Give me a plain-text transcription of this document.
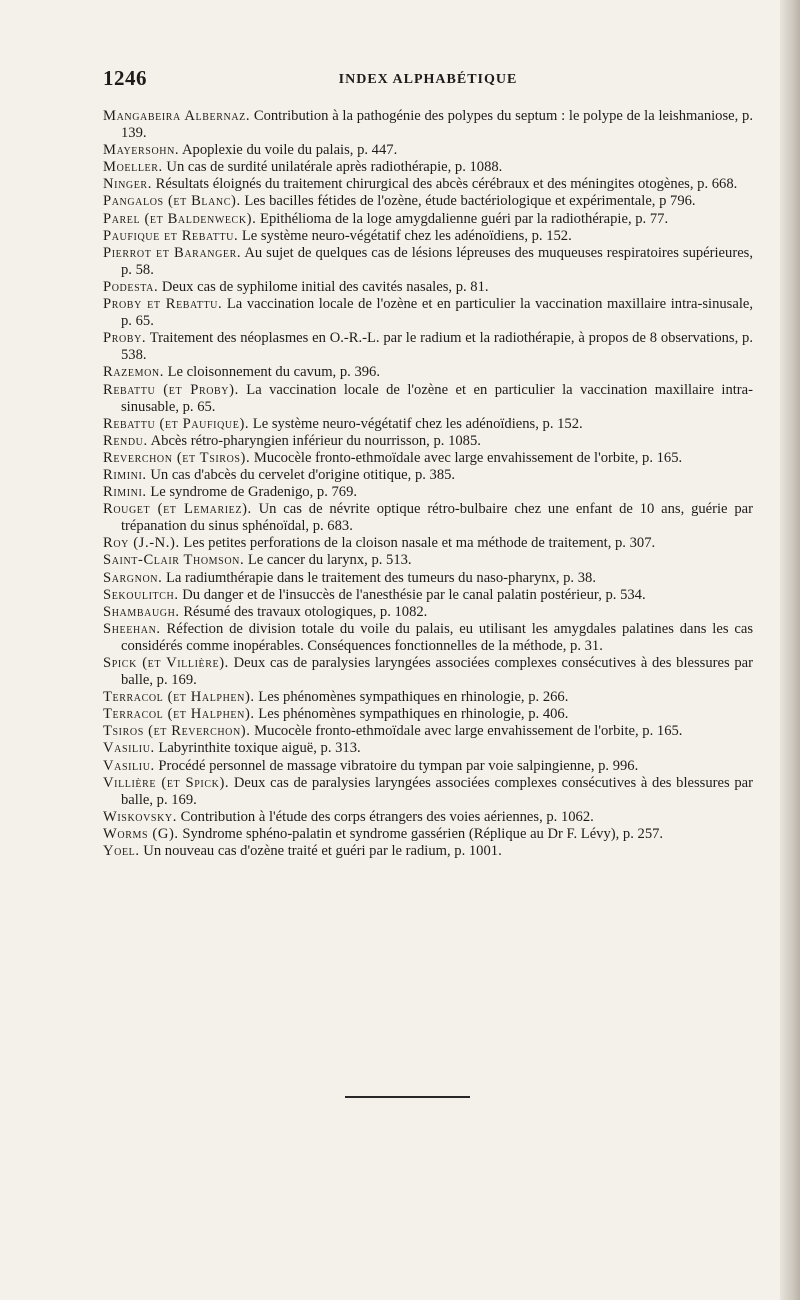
1246	INDEX ALPHABÉTIQUE

Mangabeira Albernaz. Contribution à la pathogénie des polypes du septum : le polype de la leishmaniose, p. 139.

Mayersohn. Apoplexie du voile du palais, p. 447.

Moeller. Un cas de surdité unilatérale après radiothérapie, p. 1088.

Ninger. Résultats éloignés du traitement chirurgical des abcès cérébraux et des méningites otogènes, p. 668.

Pangalos (et Blanc). Les bacilles fétides de l'ozène, étude bactériologique et expérimentale, p 796.

Parel (et Baldenweck). Epithélioma de la loge amygdalienne guéri par la radiothérapie, p. 77.

Paufique et Rebattu. Le système neuro-végétatif chez les adénoïdiens, p. 152.

Pierrot et Baranger. Au sujet de quelques cas de lésions lépreuses des muqueuses respiratoires supérieures, p. 58.

Podesta. Deux cas de syphilome initial des cavités nasales, p. 81.

Proby et Rebattu. La vaccination locale de l'ozène et en particulier la vaccination maxillaire intra-sinusale, p. 65.

Proby. Traitement des néoplasmes en O.-R.-L. par le radium et la radiothérapie, à propos de 8 observations, p. 538.

Razemon. Le cloisonnement du cavum, p. 396.

Rebattu (et Proby). La vaccination locale de l'ozène et en particulier la vaccination maxillaire intra-sinusable, p. 65.

Rebattu (et Paufique). Le système neuro-végétatif chez les adénoïdiens, p. 152.

Rendu. Abcès rétro-pharyngien inférieur du nourrisson, p. 1085.

Reverchon (et Tsiros). Mucocèle fronto-ethmoïdale avec large envahissement de l'orbite, p. 165.

Rimini. Un cas d'abcès du cervelet d'origine otitique, p. 385.

Rimini. Le syndrome de Gradenigo, p. 769.

Rouget (et Lemariez). Un cas de névrite optique rétro-bulbaire chez une enfant de 10 ans, guérie par trépanation du sinus sphénoïdal, p. 683.

Roy (J.-N.). Les petites perforations de la cloison nasale et ma méthode de traitement, p. 307.

Saint-Clair Thomson. Le cancer du larynx, p. 513.

Sargnon. La radiumthérapie dans le traitement des tumeurs du naso-pharynx, p. 38.

Sekoulitch. Du danger et de l'insuccès de l'anesthésie par le canal palatin postérieur, p. 534.

Shambaugh. Résumé des travaux otologiques, p. 1082.

Sheehan. Réfection de division totale du voile du palais, eu utilisant les amygdales palatines dans les cas considérés comme inopérables. Conséquences fonctionnelles de la méthode, p. 31.

Spick (et Villière). Deux cas de paralysies laryngées associées complexes consécutives à des blessures par balle, p. 169.

Terracol (et Halphen). Les phénomènes sympathiques en rhinologie, p. 266.

Terracol (et Halphen). Les phénomènes sympathiques en rhinologie, p. 406.

Tsiros (et Reverchon). Mucocèle fronto-ethmoïdale avec large envahissement de l'orbite, p. 165.

Vasiliu. Labyrinthite toxique aiguë, p. 313.

Vasiliu. Procédé personnel de massage vibratoire du tympan par voie salpingienne, p. 996.

Villière (et Spick). Deux cas de paralysies laryngées associées complexes consécutives à des blessures par balle, p. 169.

Wiskovsky. Contribution à l'étude des corps étrangers des voies aériennes, p. 1062.

Worms (G). Syndrome sphéno-palatin et syndrome gassérien (Réplique au Dr F. Lévy), p. 257.

Yoel. Un nouveau cas d'ozène traité et guéri par le radium, p. 1001.
